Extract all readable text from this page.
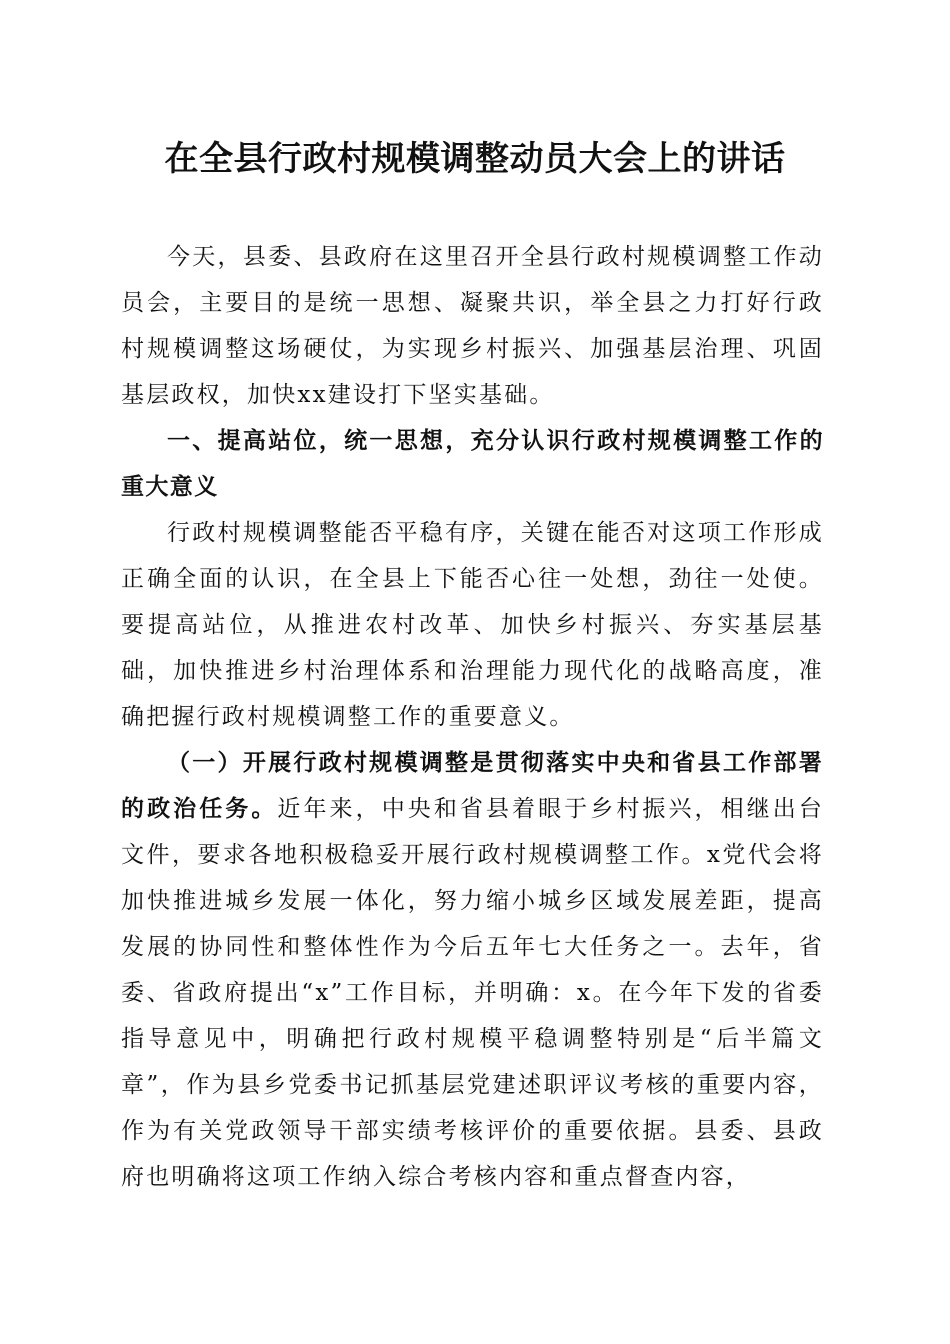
在全县行政村规模调整动员大会上的讲话

今天，县委、县政府在这里召开全县行政村规模调整工作动员会，主要目的是统一思想、凝聚共识，举全县之力打好行政村规模调整这场硬仗，为实现乡村振兴、加强基层治理、巩固基层政权，加快xx建设打下坚实基础。

一、提高站位，统一思想，充分认识行政村规模调整工作的重大意义

行政村规模调整能否平稳有序，关键在能否对这项工作形成正确全面的认识，在全县上下能否心往一处想，劲往一处使。要提高站位，从推进农村改革、加快乡村振兴、夯实基层基础，加快推进乡村治理体系和治理能力现代化的战略高度，准确把握行政村规模调整工作的重要意义。

（一）开展行政村规模调整是贯彻落实中央和省县工作部署的政治任务。近年来，中央和省县着眼于乡村振兴，相继出台文件，要求各地积极稳妥开展行政村规模调整工作。x党代会将加快推进城乡发展一体化，努力缩小城乡区域发展差距，提高发展的协同性和整体性作为今后五年七大任务之一。去年，省委、省政府提出“x”工作目标，并明确：x。在今年下发的省委指导意见中，明确把行政村规模平稳调整特别是“后半篇文章”，作为县乡党委书记抓基层党建述职评议考核的重要内容，作为有关党政领导干部实绩考核评价的重要依据。县委、县政府也明确将这项工作纳入综合考核内容和重点督查内容，
